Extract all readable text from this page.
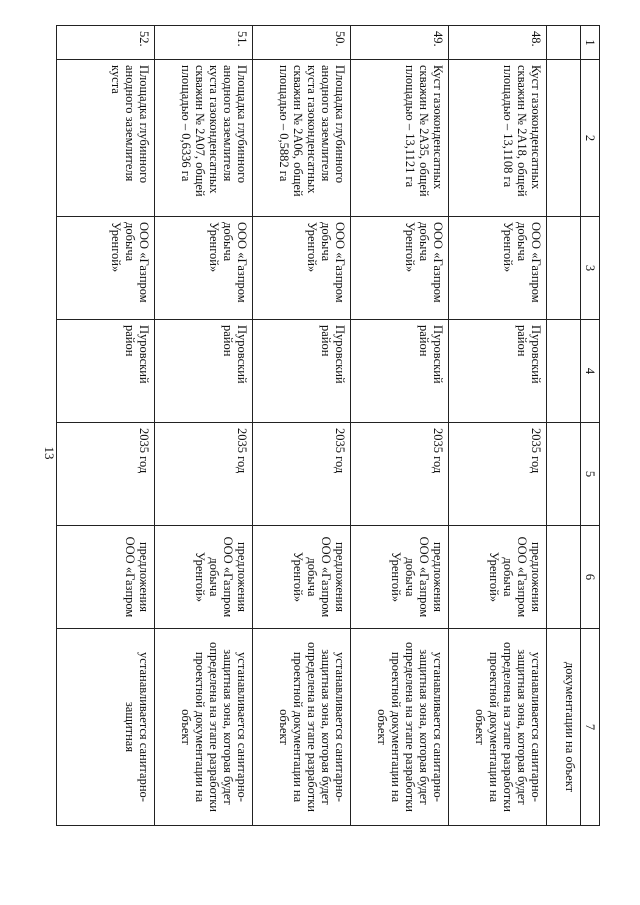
13
1	2	3	4	5	6	7
						документации на объект
48.	Куст газоконденсатных скважин № 2А18, общей площадью – 13,1108 га	ООО «Газпром добыча Уренгой»	Пуровский район	2035 год	предложения ООО «Газпром добыча Уренгой»	устанавливается санитарно-защитная зона, которая будет определена на этапе разработки проектной документации на объект
49.	Куст газоконденсатных скважин № 2А35, общей площадью – 13,1121 га	ООО «Газпром добыча Уренгой»	Пуровский район	2035 год	предложения ООО «Газпром добыча Уренгой»	устанавливается санитарно-защитная зона, которая будет определена на этапе разработки проектной документации на объект
50.	Площадка глубинного анодного заземлителя куста газоконденсатных скважин № 2А06, общей площадью – 0,5882 га	ООО «Газпром добыча Уренгой»	Пуровский район	2035 год	предложения ООО «Газпром добыча Уренгой»	устанавливается санитарно-защитная зона, которая будет определена на этапе разработки проектной документации на объект
51.	Площадка глубинного анодного заземлителя куста газоконденсатных скважин № 2А07, общей площадью – 0,6336 га	ООО «Газпром добыча Уренгой»	Пуровский район	2035 год	предложения ООО «Газпром добыча Уренгой»	устанавливается санитарно-защитная зона, которая будет определена на этапе разработки проектной документации на объект
52.	Площадка глубинного анодного заземлителя куста	ООО «Газпром добыча Уренгой»	Пуровский район	2035 год	предложения ООО «Газпром	устанавливается санитарно-защитная
